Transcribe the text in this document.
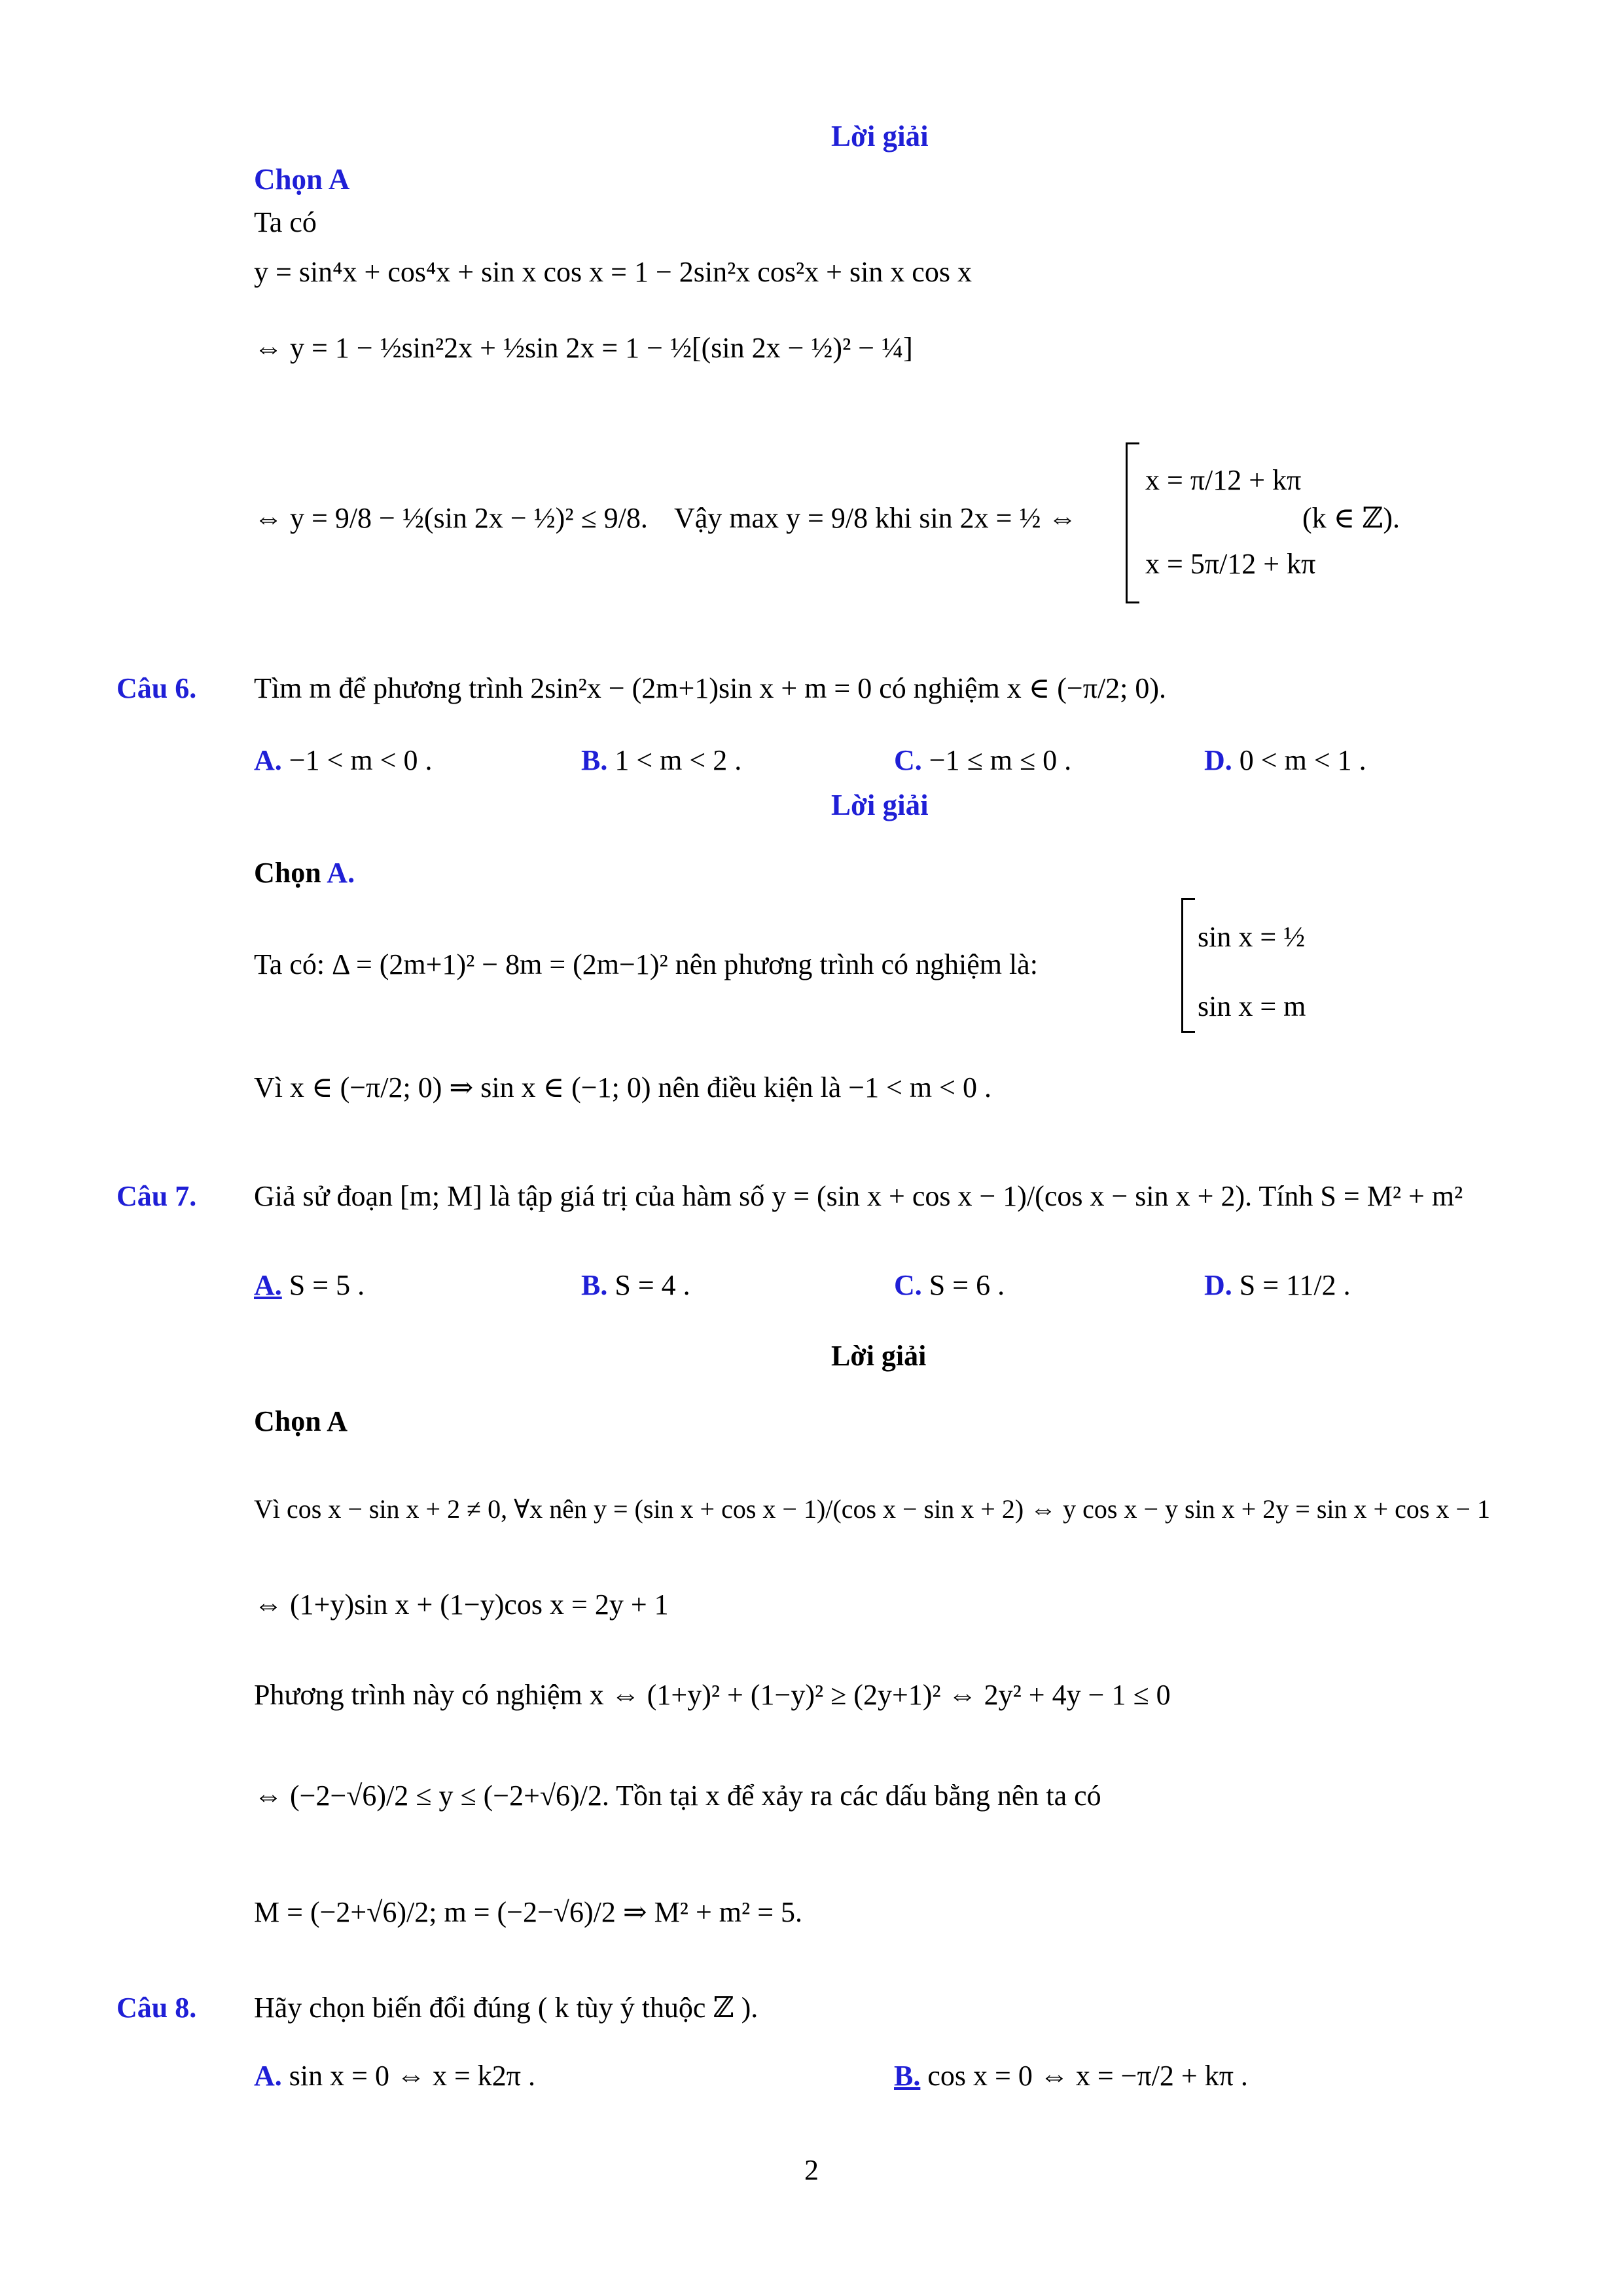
Lời giải
Chọn A
Ta có
y = sin⁴x + cos⁴x + sin x cos x = 1 − 2sin²x cos²x + sin x cos x
⇔ y = 1 − ½sin²2x + ½sin 2x = 1 − ½[(sin 2x − ½)² − ¼]
⇔ y = 9/8 − ½(sin 2x − ½)² ≤ 9/8. Vậy max y = 9/8 khi sin 2x = ½ ⇔
x = π/12 + kπ
x = 5π/12 + kπ
(k ∈ ℤ).
Câu 6. Tìm m để phương trình 2sin²x − (2m+1)sin x + m = 0 có nghiệm x ∈ (−π/2; 0).
A. −1 < m < 0 .	B. 1 < m < 2 .	C. −1 ≤ m ≤ 0 .	D. 0 < m < 1 .
Lời giải
Chọn A.
Ta có: Δ = (2m+1)² − 8m = (2m−1)² nên phương trình có nghiệm là:
sin x = ½
sin x = m
Vì x ∈ (−π/2; 0) ⇒ sin x ∈ (−1; 0) nên điều kiện là −1 < m < 0 .
Câu 7. Giả sử đoạn [m; M] là tập giá trị của hàm số y = (sin x + cos x − 1)/(cos x − sin x + 2). Tính S = M² + m²
A. S = 5 .	B. S = 4 .	C. S = 6 .	D. S = 11/2 .
Lời giải
Chọn A
Vì cos x − sin x + 2 ≠ 0, ∀x nên y = (sin x + cos x − 1)/(cos x − sin x + 2) ⇔ y cos x − y sin x + 2y = sin x + cos x − 1
⇔ (1+y)sin x + (1−y)cos x = 2y + 1
Phương trình này có nghiệm x ⇔ (1+y)² + (1−y)² ≥ (2y+1)² ⇔ 2y² + 4y − 1 ≤ 0
⇔ (−2−√6)/2 ≤ y ≤ (−2+√6)/2. Tồn tại x để xảy ra các dấu bằng nên ta có
M = (−2+√6)/2; m = (−2−√6)/2 ⇒ M² + m² = 5.
Câu 8. Hãy chọn biến đổi đúng ( k tùy ý thuộc ℤ ).
A. sin x = 0 ⇔ x = k2π .	B. cos x = 0 ⇔ x = −π/2 + kπ .
2
